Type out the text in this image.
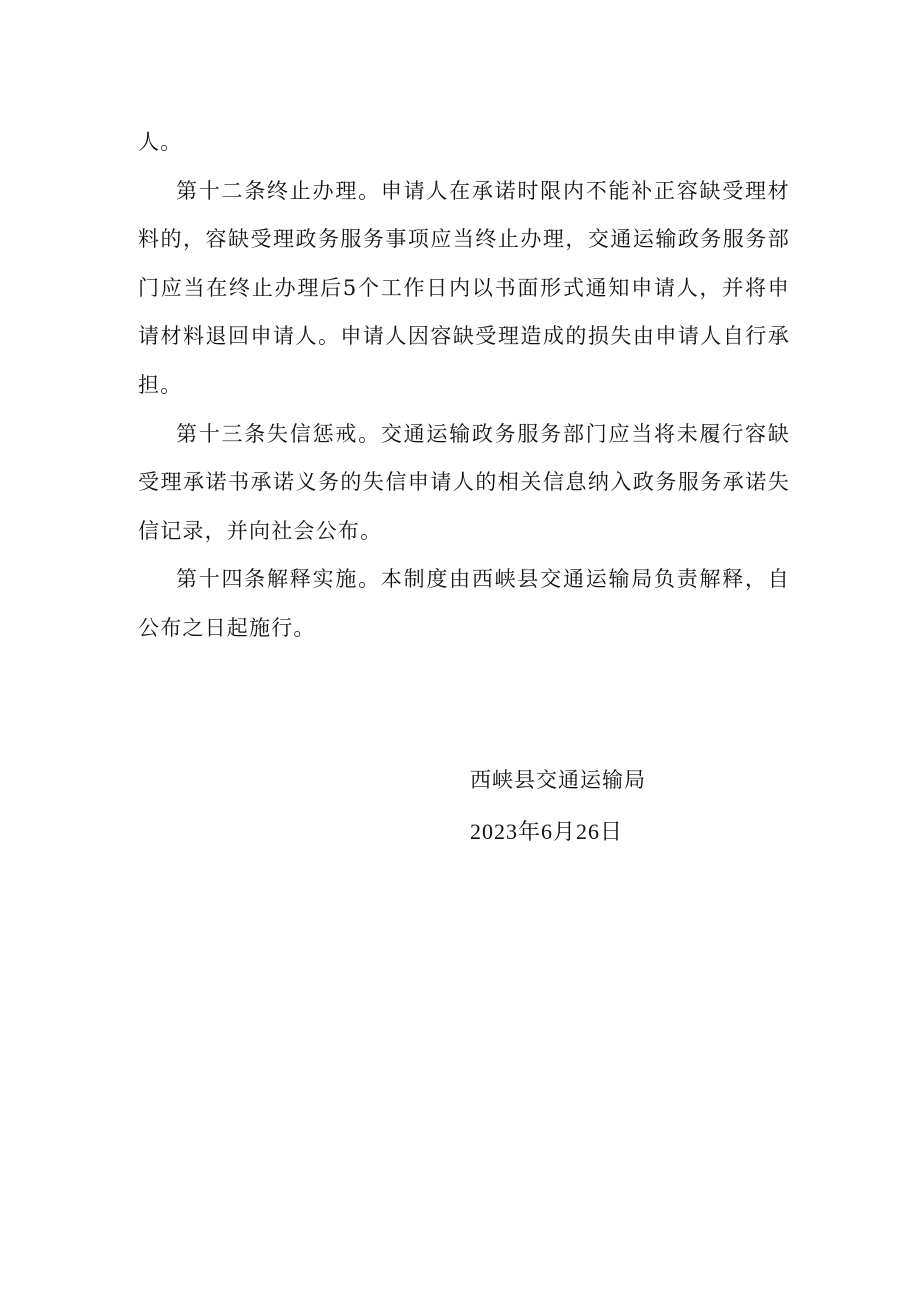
人。

第十二条终止办理。申请人在承诺时限内不能补正容缺受理材料的，容缺受理政务服务事项应当终止办理，交通运输政务服务部门应当在终止办理后5个工作日内以书面形式通知申请人，并将申请材料退回申请人。申请人因容缺受理造成的损失由申请人自行承担。

第十三条失信惩戒。交通运输政务服务部门应当将未履行容缺受理承诺书承诺义务的失信申请人的相关信息纳入政务服务承诺失信记录，并向社会公布。

第十四条解释实施。本制度由西峡县交通运输局负责解释，自公布之日起施行。

西峡县交通运输局

2023年6月26日
